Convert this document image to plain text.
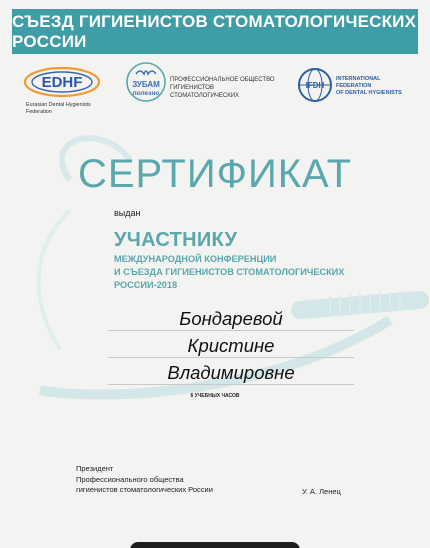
СЪЕЗД ГИГИЕНИСТОВ СТОМАТОЛОГИЧЕСКИХ РОССИИ
EDHF
Eurasian Dental Hygienists Federation
ЗУБАМ
полезно
ПРОФЕССИОНАЛЬНОЕ ОБЩЕСТВО
ГИГИЕНИСТОВ СТОМАТОЛОГИЧЕСКИХ
IFDH
INTERNATIONAL FEDERATION
OF DENTAL HYGIENISTS
СЕРТИФИКАТ
выдан
УЧАСТНИКУ
МЕЖДУНАРОДНОЙ КОНФЕРЕНЦИИ
И СЪЕЗДА ГИГИЕНИСТОВ СТОМАТОЛОГИЧЕСКИХ РОССИИ-2018
Бондаревой
Кристине
Владимировне
6 УЧЕБНЫХ ЧАСОВ
Президент
Профессионального общества
гигиенистов стоматологических России	У. А. Ленец
